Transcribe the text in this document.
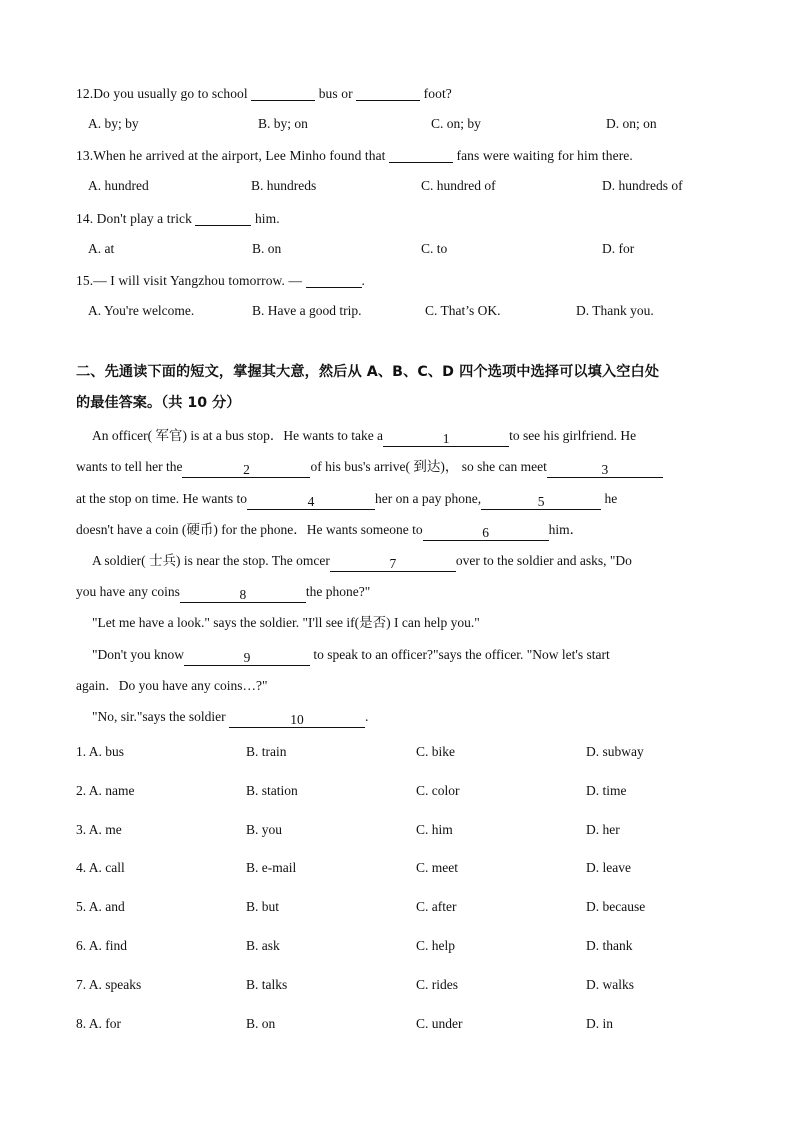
12.Do you usually go to school	bus or	foot?
A. by; by	B. by; on	C. on; by	D. on; on
13.When he arrived at the airport, Lee Minho found that	fans were waiting for him there.
A. hundred	B. hundreds	C. hundred of	D. hundreds of
14. Don't play a trick	him.
A. at	B. on	C. to	D. for
15.— I will visit Yangzhou tomorrow. —	.
A. You're welcome.	B. Have a good trip.	C. That’s OK.	D. Thank you.
二、先通读下面的短文，掌握其大意，然后从 A、B、C、D 四个选项中选择可以填入空白处
的最佳答案。（共 10 分）
An officer( 军官) is at a bus stop．He wants to take a	1	to see his girlfriend. He
wants to tell her the	2	of his bus's arrive( 到达)， so she can meet	3
at the stop on time. He wants to	4	her on a pay phone,	5	he
doesn't have a coin (硬币) for the phone．He wants someone to	6	him．
A soldier( 士兵) is near the stop. The omcer	7	over to the soldier and asks, "Do
you have any coins	8	the phone?"
"Let me have a look." says the soldier. "I'll see if(是否) I can help you."
"Don't you know	9	to speak to an officer?"says the officer. "Now let's start
again．Do you have any coins…?"
"No, sir."says the soldier	10	.
1. A. bus	B. train	C. bike	D. subway
2. A. name	B. station	C. color	D. time
3. A. me	B. you	C. him	D. her
4. A. call	B. e-mail	C. meet	D. leave
5. A. and	B. but	C. after	D. because
6. A. find	B. ask	C. help	D. thank
7. A. speaks	B. talks	C. rides	D. walks
8. A. for	B. on	C. under	D. in
